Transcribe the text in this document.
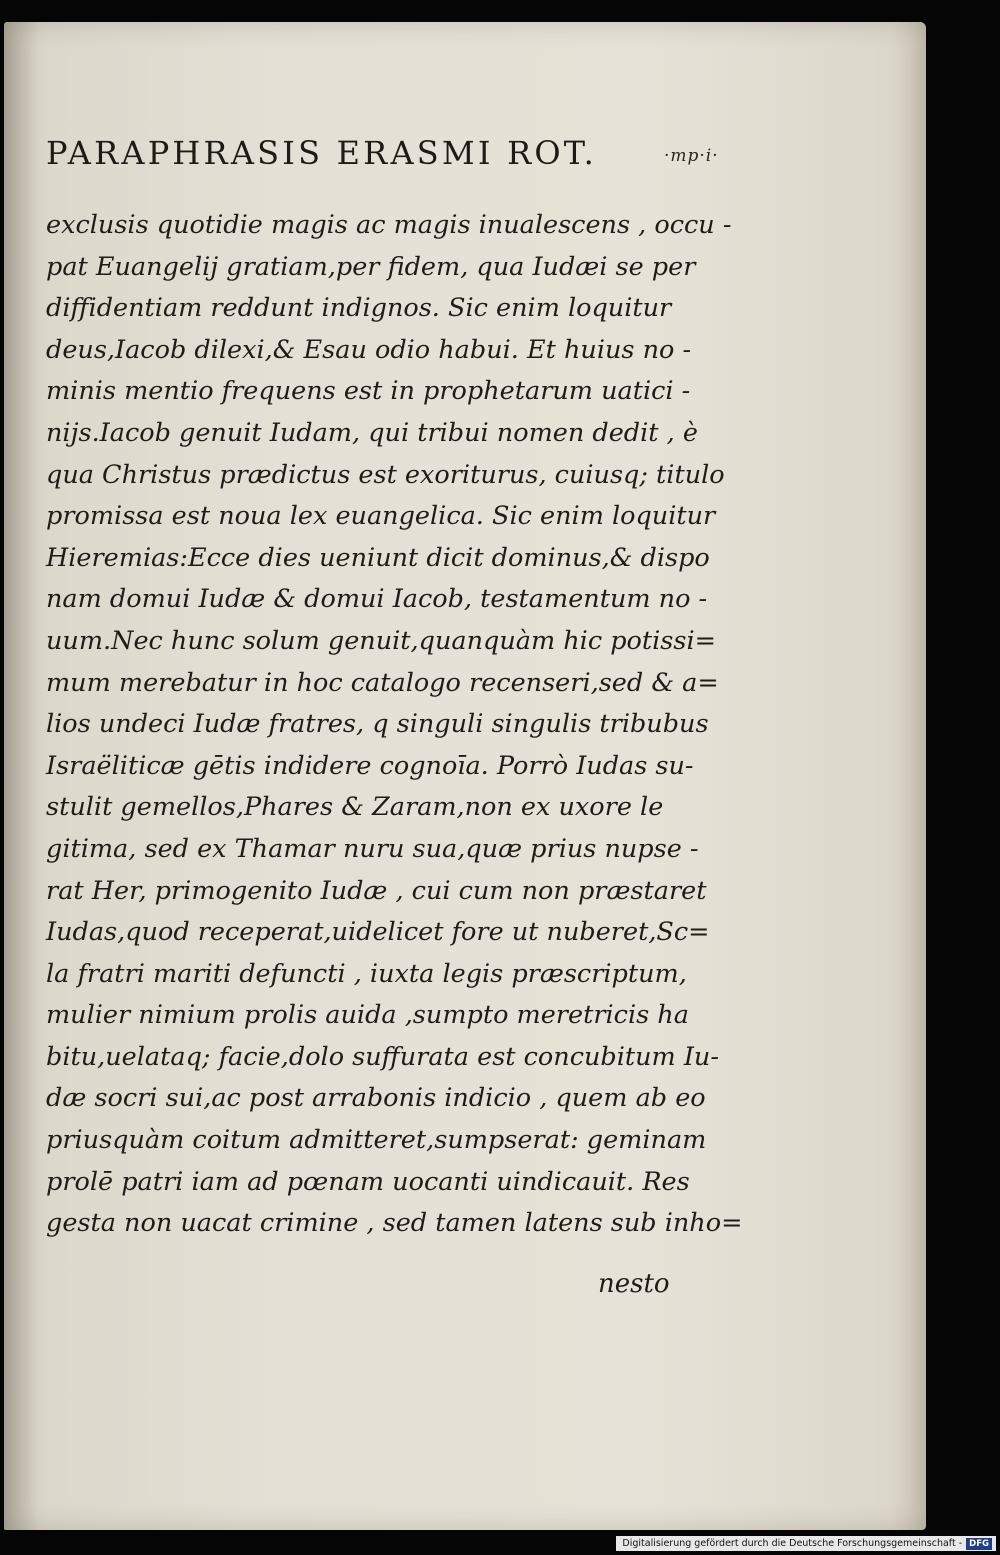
PARAPHRASIS ERASMI ROT.	·mp·i·
exclusis quotidie magis ac magis inualescens , occu -
pat Euangelij gratiam,per fidem, qua Iudæi se per
diffidentiam reddunt indignos. Sic enim loquitur
deus,Iacob dilexi,& Esau odio habui. Et huius no -
minis mentio frequens est in prophetarum uatici -
nijs.Iacob genuit Iudam, qui tribui nomen dedit , è
qua Christus prædictus est exoriturus, cuiusq; titulo
promissa est noua lex euangelica. Sic enim loquitur
Hieremias:Ecce dies ueniunt dicit dominus,& dispo
nam domui Iudæ & domui Iacob, testamentum no -
uum.Nec hunc solum genuit,quanquàm hic potissi=
mum merebatur in hoc catalogo recenseri,sed & a=
lios undeci Iudæ fratres, q singuli singulis tribubus
Israëliticæ gētis indidere cognoīa. Porrò Iudas su-
stulit gemellos,Phares & Zaram,non ex uxore le
gitima, sed ex Thamar nuru sua,quæ prius nupse -
rat Her, primogenito Iudæ , cui cum non præstaret
Iudas,quod receperat,uidelicet fore ut nuberet,Sc=
la fratri mariti defuncti , iuxta legis præscriptum,
mulier nimium prolis auida ,sumpto meretricis ha
bitu,uelataq; facie,dolo suffurata est concubitum Iu-
dæ socri sui,ac post arrabonis indicio , quem ab eo
priusquàm coitum admitteret,sumpserat: geminam
prolē patri iam ad pœnam uocanti uindicauit. Res
gesta non uacat crimine , sed tamen latens sub inho=
nesto
Digitalisierung gefördert durch die Deutsche Forschungsgemeinschaft - DFG
